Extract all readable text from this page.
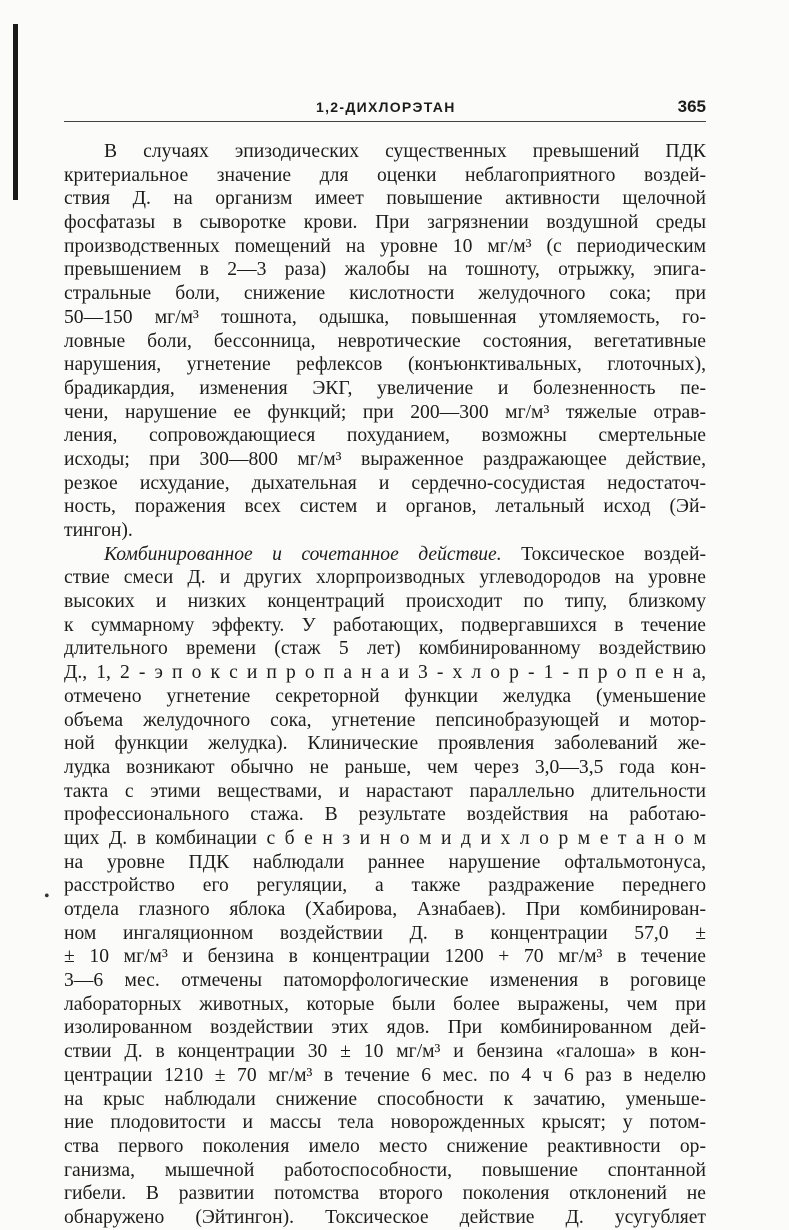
1,2-ДИХЛОРЭТАН	365
•
В случаях эпизодических существенных превышений ПДК
критериальное значение для оценки неблагоприятного воздей-
ствия Д. на организм имеет повышение активности щелочной
фосфатазы в сыворотке крови. При загрязнении воздушной среды
производственных помещений на уровне 10 мг/м³ (с периодическим
превышением в 2—3 раза) жалобы на тошноту, отрыжку, эпига-
стральные боли, снижение кислотности желудочного сока; при
50—150 мг/м³ тошнота, одышка, повышенная утомляемость, го-
ловные боли, бессонница, невротические состояния, вегетативные
нарушения, угнетение рефлексов (конъюнктивальных, глоточных),
брадикардия, изменения ЭКГ, увеличение и болезненность пе-
чени, нарушение ее функций; при 200—300 мг/м³ тяжелые отрав-
ления, сопровождающиеся похуданием, возможны смертельные
исходы; при 300—800 мг/м³ выраженное раздражающее действие,
резкое исхудание, дыхательная и сердечно-сосудистая недостаточ-
ность, поражения всех систем и органов, летальный исход (Эй-
тингон).
Комбинированное и сочетанное действие. Токсическое воздей-
ствие смеси Д. и других хлорпроизводных углеводородов на уровне
высоких и низких концентраций происходит по типу, близкому
к суммарному эффекту. У работающих, подвергавшихся в течение
длительного времени (стаж 5 лет) комбинированному воздействию
Д., 1, 2 - э п о к с и п р о п а н а и 3 - х л о р - 1 - п р о п е н а,
отмечено угнетение секреторной функции желудка (уменьшение
объема желудочного сока, угнетение пепсинобразующей и мотор-
ной функции желудка). Клинические проявления заболеваний же-
лудка возникают обычно не раньше, чем через 3,0—3,5 года кон-
такта с этими веществами, и нарастают параллельно длительности
профессионального стажа. В результате воздействия на работаю-
щих Д. в комбинации с б е н з и н о м и д и х л о р м е т а н о м
на уровне ПДК наблюдали раннее нарушение офтальмотонуса,
расстройство его регуляции, а также раздражение переднего
отдела глазного яблока (Хабирова, Азнабаев). При комбинирован-
ном ингаляционном воздействии Д. в концентрации 57,0 ±
± 10 мг/м³ и бензина в концентрации 1200 + 70 мг/м³ в течение
3—6 мес. отмечены патоморфологические изменения в роговице
лабораторных животных, которые были более выражены, чем при
изолированном воздействии этих ядов. При комбинированном дей-
ствии Д. в концентрации 30 ± 10 мг/м³ и бензина «галоша» в кон-
центрации 1210 ± 70 мг/м³ в течение 6 мес. по 4 ч 6 раз в неделю
на крыс наблюдали снижение способности к зачатию, уменьше-
ние плодовитости и массы тела новорожденных крысят; у потом-
ства первого поколения имело место снижение реактивности ор-
ганизма, мышечной работоспособности, повышение спонтанной
гибели. В развитии потомства второго поколения отклонений не
обнаружено (Эйтингон). Токсическое действие Д. усугубляет
